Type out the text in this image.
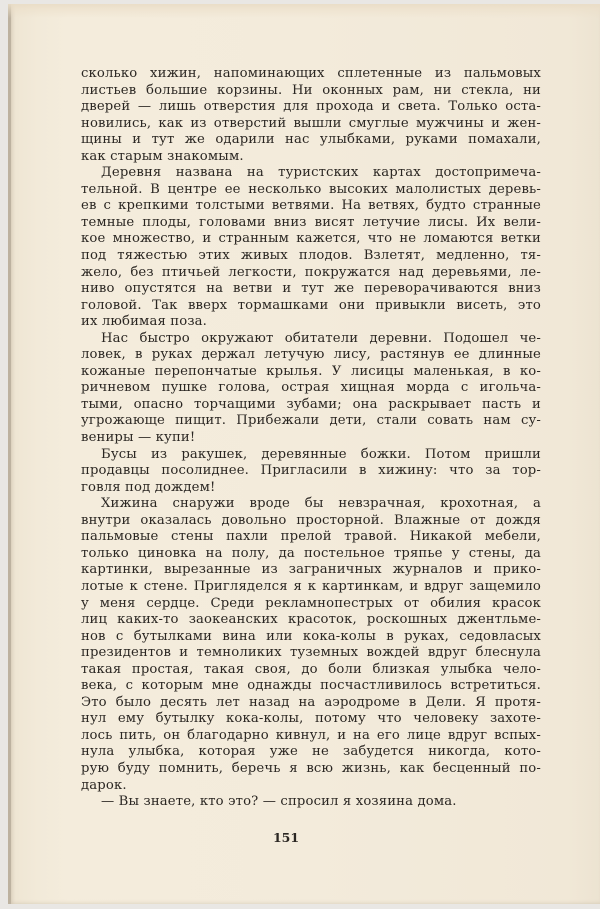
сколько хижин, напоминающих сплетенные из пальмовых
листьев большие корзины. Ни оконных рам, ни стекла, ни
дверей — лишь отверстия для прохода и света. Только оста-
новились, как из отверстий вышли смуглые мужчины и жен-
щины и тут же одарили нас улыбками, руками помахали,
как старым знакомым.
Деревня названа на туристских картах достопримеча-
тельной. В центре ее несколько высоких малолистых деревь-
ев с крепкими толстыми ветвями. На ветвях, будто странные
темные плоды, головами вниз висят летучие лисы. Их вели-
кое множество, и странным кажется, что не ломаются ветки
под тяжестью этих живых плодов. Взлетят, медленно, тя-
жело, без птичьей легкости, покружатся над деревьями, ле-
ниво опустятся на ветви и тут же переворачиваются вниз
головой. Так вверх тормашками они привыкли висеть, это
их любимая поза.
Нас быстро окружают обитатели деревни. Подошел че-
ловек, в руках держал летучую лису, растянув ее длинные
кожаные перепончатые крылья. У лисицы маленькая, в ко-
ричневом пушке голова, острая хищная морда с игольча-
тыми, опасно торчащими зубами; она раскрывает пасть и
угрожающе пищит. Прибежали дети, стали совать нам су-
вениры — купи!
Бусы из ракушек, деревянные божки. Потом пришли
продавцы посолиднее. Пригласили в хижину: что за тор-
говля под дождем!
Хижина снаружи вроде бы невзрачная, крохотная, а
внутри оказалась довольно просторной. Влажные от дождя
пальмовые стены пахли прелой травой. Никакой мебели,
только циновка на полу, да постельное тряпье у стены, да
картинки, вырезанные из заграничных журналов и прико-
лотые к стене. Пригляделся я к картинкам, и вдруг защемило
у меня сердце. Среди рекламнопестрых от обилия красок
лиц каких-то заокеанских красоток, роскошных джентльме-
нов с бутылками вина или кока-колы в руках, седовласых
президентов и темноликих туземных вождей вдруг блеснула
такая простая, такая своя, до боли близкая улыбка чело-
века, с которым мне однажды посчастливилось встретиться.
Это было десять лет назад на аэродроме в Дели. Я протя-
нул ему бутылку кока-колы, потому что человеку захоте-
лось пить, он благодарно кивнул, и на его лице вдруг вспых-
нула улыбка, которая уже не забудется никогда, кото-
рую буду помнить, беречь я всю жизнь, как бесценный по-
дарок.
— Вы знаете, кто это? — спросил я хозяина дома.
151
